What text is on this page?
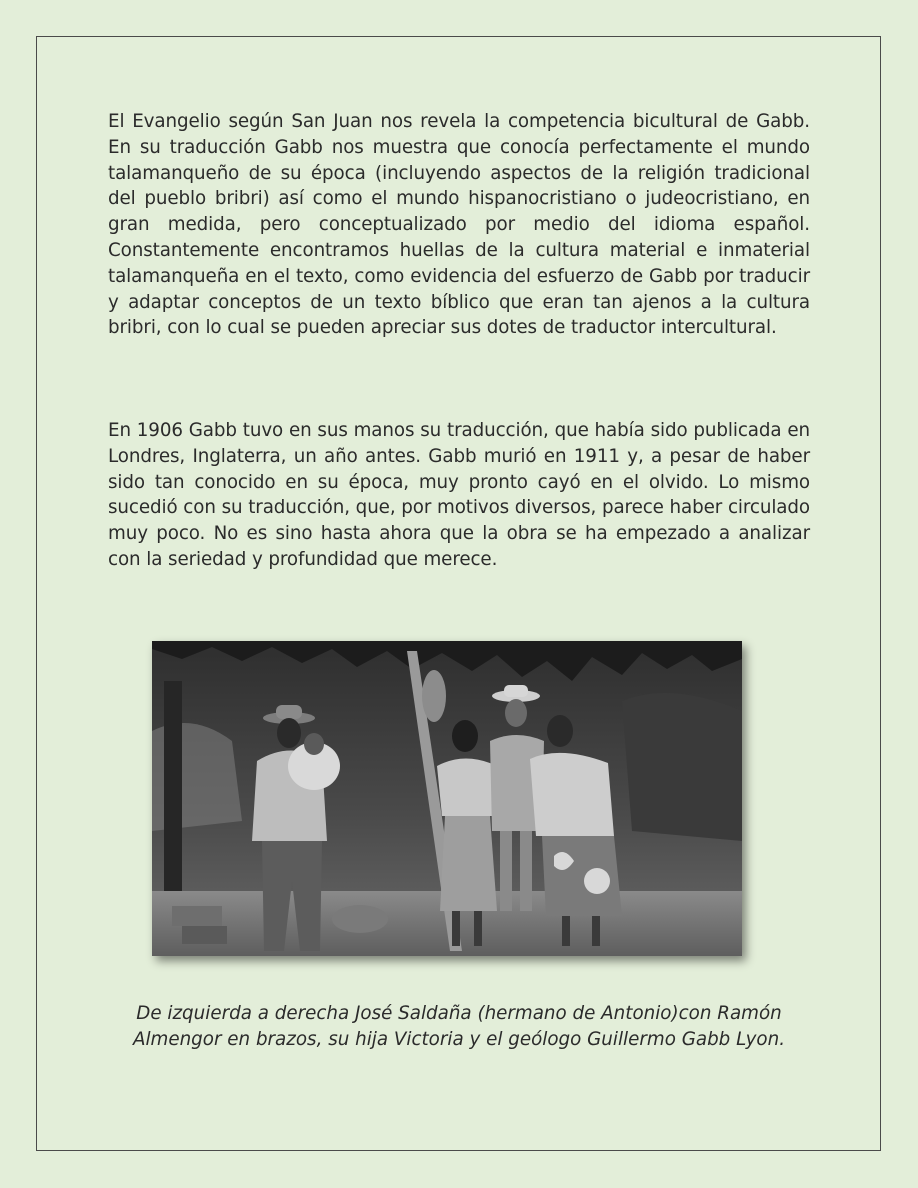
El Evangelio según San Juan nos revela la competencia bicultural de Gabb. En su traducción Gabb nos muestra que conocía perfectamente el mundo talamanqueño de su época (incluyendo aspectos de la religión tradicional del pueblo bribri) así como el mundo hispanocristiano o judeocristiano, en gran medida, pero conceptualizado por medio del idioma español. Constantemente encontramos huellas de la cultura material e inmaterial talamanqueña en el texto, como evidencia del esfuerzo de Gabb por traducir y adaptar conceptos de un texto bíblico que eran tan ajenos a la cultura bribri, con lo cual se pueden apreciar sus dotes de traductor intercultural.

En 1906 Gabb tuvo en sus manos su traducción, que había sido publicada en Londres, Inglaterra, un año antes. Gabb murió en 1911 y, a pesar de haber sido tan conocido en su época, muy pronto cayó en el olvido. Lo mismo sucedió con su traducción, que, por motivos diversos, parece haber circulado muy poco. No es sino hasta ahora que la obra se ha empezado a analizar con la seriedad y profundidad que merece.

De izquierda a derecha José Saldaña (hermano de Antonio)con Ramón Almengor en brazos, su hija Victoria y el geólogo Guillermo Gabb Lyon.
